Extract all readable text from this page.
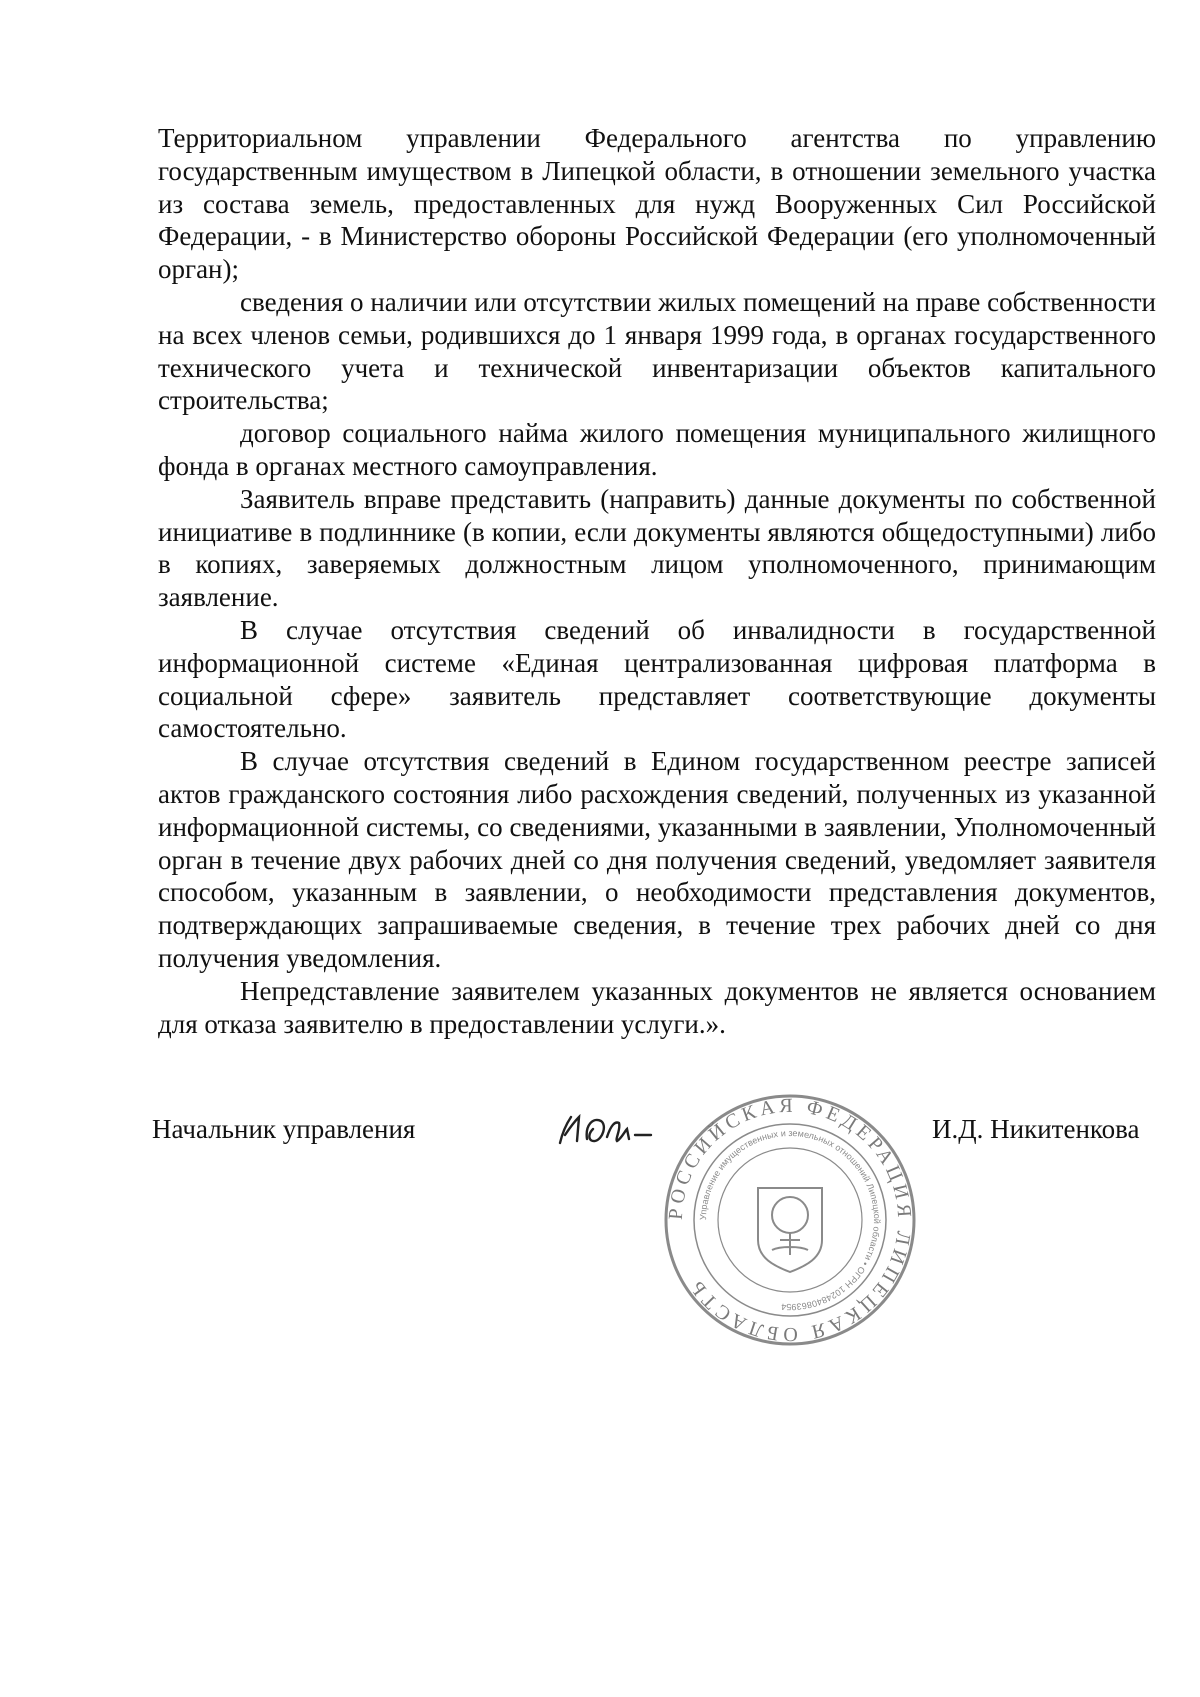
Территориальном управлении Федерального агентства по управлению государственным имуществом в Липецкой области, в отношении земельного участка из состава земель, предоставленных для нужд Вооруженных Сил Российской Федерации, - в Министерство обороны Российской Федерации (его уполномоченный орган);

сведения о наличии или отсутствии жилых помещений на праве собственности на всех членов семьи, родившихся до 1 января 1999 года, в органах государственного технического учета и технической инвентаризации объектов капитального строительства;

договор социального найма жилого помещения муниципального жилищного фонда в органах местного самоуправления.

Заявитель вправе представить (направить) данные документы по собственной инициативе в подлиннике (в копии, если документы являются общедоступными) либо в копиях, заверяемых должностным лицом уполномоченного, принимающим заявление.

В случае отсутствия сведений об инвалидности в государственной информационной системе «Единая централизованная цифровая платформа в социальной сфере» заявитель представляет соответствующие документы самостоятельно.

В случае отсутствия сведений в Едином государственном реестре записей актов гражданского состояния либо расхождения сведений, полученных из указанной информационной системы, со сведениями, указанными в заявлении, Уполномоченный орган в течение двух рабочих дней со дня получения сведений, уведомляет заявителя способом, указанным в заявлении, о необходимости представления документов, подтверждающих запрашиваемые сведения, в течение трех рабочих дней со дня получения уведомления.

Непредставление заявителем указанных документов не является основанием для отказа заявителю в предоставлении услуги.».

Начальник управления
РОССИЙСКАЯ ФЕДЕРАЦИЯ ЛИПЕЦКАЯ ОБЛАСТЬ
Управление имущественных и земельных отношений Липецкой области • ОГРН 1024840863954
И.Д. Никитенкова
